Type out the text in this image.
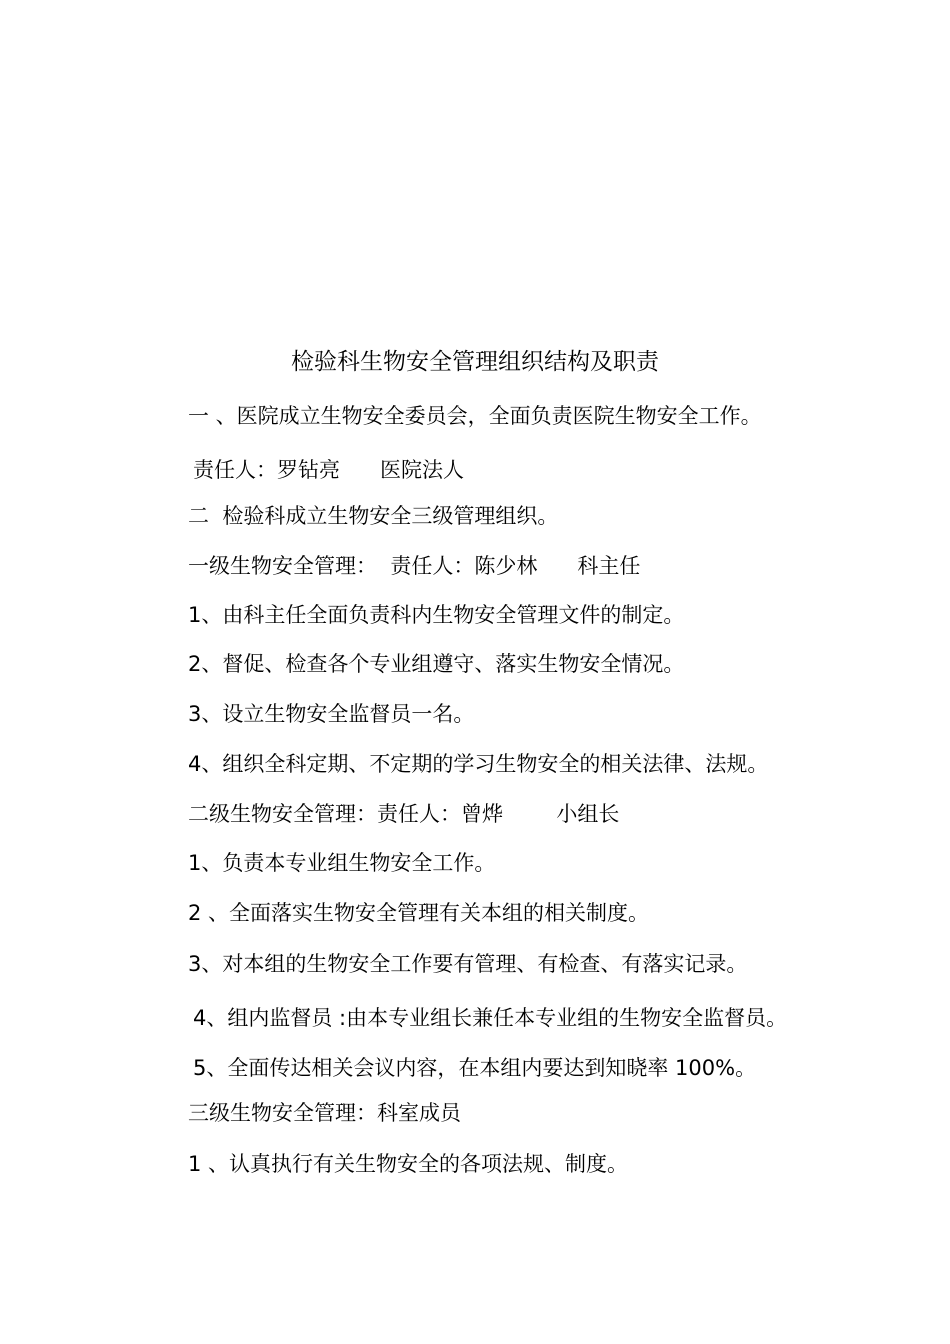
检验科生物安全管理组织结构及职责
一 、医院成立生物安全委员会，全面负责医院生物安全工作。
责任人：罗钻亮      医院法人
二  检验科成立生物安全三级管理组织。
一级生物安全管理：  责任人：陈少林      科主任
1、由科主任全面负责科内生物安全管理文件的制定。
2、督促、检查各个专业组遵守、落实生物安全情况。
3、设立生物安全监督员一名。
4、组织全科定期、不定期的学习生物安全的相关法律、法规。
二级生物安全管理：责任人：曾烨        小组长
1、负责本专业组生物安全工作。
2 、全面落实生物安全管理有关本组的相关制度。
3、对本组的生物安全工作要有管理、有检查、有落实记录。
4、组内监督员 :由本专业组长兼任本专业组的生物安全监督员。
5、全面传达相关会议内容，在本组内要达到知晓率 100%。
三级生物安全管理：科室成员
1 、认真执行有关生物安全的各项法规、制度。
